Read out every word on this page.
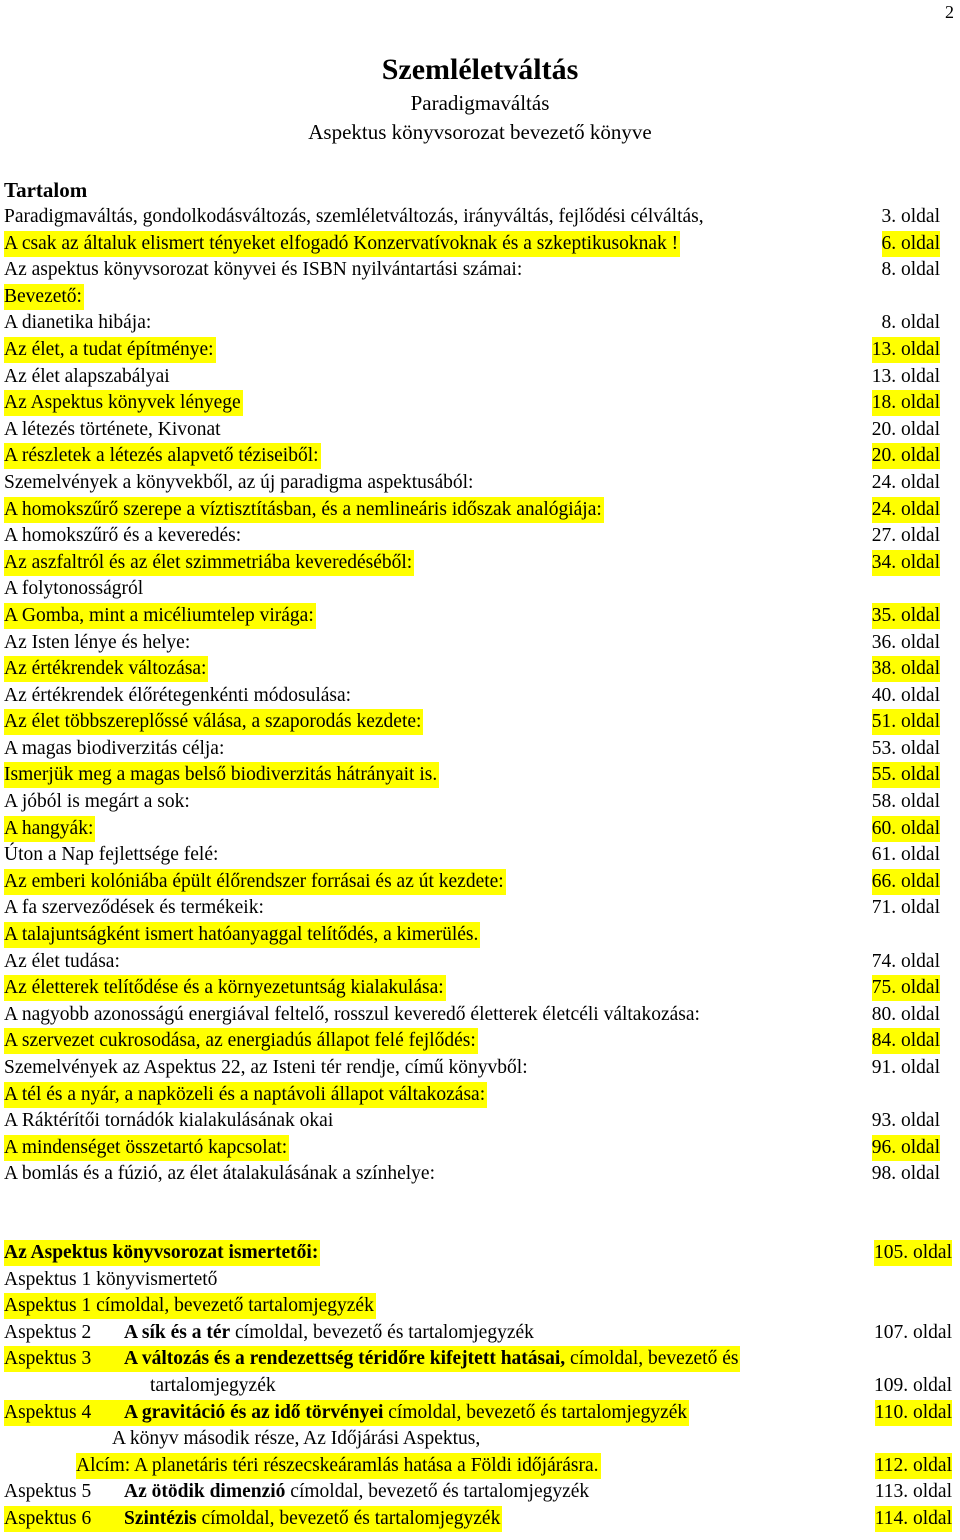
2
Szemléletváltás
Paradigmaváltás
Aspektus könyvsorozat bevezető könyve
Tartalom
Paradigmaváltás, gondolkodásváltozás, szemléletváltozás, irányváltás, fejlődési célváltás,	3. oldal
A csak az általuk elismert tényeket elfogadó Konzervatívoknak és a szkeptikusoknak !	6. oldal
Az aspektus könyvsorozat könyvei és ISBN nyilvántartási számai:	8. oldal
Bevezető:
A dianetika hibája:	8. oldal
Az élet, a tudat építménye:	13. oldal
Az élet alapszabályai	13. oldal
Az Aspektus könyvek lényege	18. oldal
A létezés története, Kivonat	20. oldal
A részletek a létezés alapvető téziseiből:	20. oldal
Szemelvények a könyvekből, az új paradigma aspektusából:	24. oldal
A homokszűrő szerepe a víztisztításban, és a nemlineáris időszak analógiája:	24. oldal
A homokszűrő és a keveredés:	27. oldal
Az aszfaltról és az élet szimmetriába keveredéséből:	34. oldal
A folytonosságról
A Gomba, mint a micéliumtelep virága:	35. oldal
Az Isten lénye és helye:	36. oldal
Az értékrendek változása:	38. oldal
Az értékrendek élőrétegenkénti módosulása:	40. oldal
Az élet többszereplőssé válása, a szaporodás kezdete:	51. oldal
A magas biodiverzitás célja:	53. oldal
Ismerjük meg a magas belső biodiverzitás hátrányait is.	55. oldal
A jóból is megárt a sok:	58. oldal
A hangyák:	60. oldal
Úton a Nap fejlettsége felé:	61. oldal
Az emberi kolóniába épült élőrendszer forrásai és az út kezdete:	66. oldal
A fa szerveződések és termékeik:	71. oldal
A talajuntságként ismert hatóanyaggal telítődés, a kimerülés.
Az élet tudása:	74. oldal
Az életterek telítődése és a környezetuntság kialakulása:	75. oldal
A nagyobb azonosságú energiával feltelő, rosszul keveredő életterek életcéli váltakozása:	80. oldal
A szervezet cukrosodása, az energiadús állapot felé fejlődés:	84. oldal
Szemelvények az Aspektus 22, az Isteni tér rendje, című könyvből:	91. oldal
A tél és a nyár, a napközeli és a naptávoli állapot váltakozása:
A Ráktérítői tornádók kialakulásának okai	93. oldal
A mindenséget összetartó kapcsolat:	96. oldal
A bomlás és a fúzió, az élet átalakulásának a színhelye:	98. oldal
Az Aspektus könyvsorozat ismertetői:	105. oldal
Aspektus 1 könyvismertető
Aspektus 1 címoldal, bevezető tartalomjegyzék
Aspektus 2 A sík és a tér címoldal, bevezető és tartalomjegyzék	107. oldal
Aspektus 3 A változás és a rendezettség téridőre kifejtett hatásai, címoldal, bevezető és
tartalomjegyzék	109. oldal
Aspektus 4 A gravitáció és az idő törvényei címoldal, bevezető és tartalomjegyzék	110. oldal
A könyv második része, Az Időjárási Aspektus,
Alcím: A planetáris téri részecskeáramlás hatása a Földi időjárásra.	112. oldal
Aspektus 5 Az ötödik dimenzió címoldal, bevezető és tartalomjegyzék	113. oldal
Aspektus 6 Szintézis címoldal, bevezető és tartalomjegyzék	114. oldal
